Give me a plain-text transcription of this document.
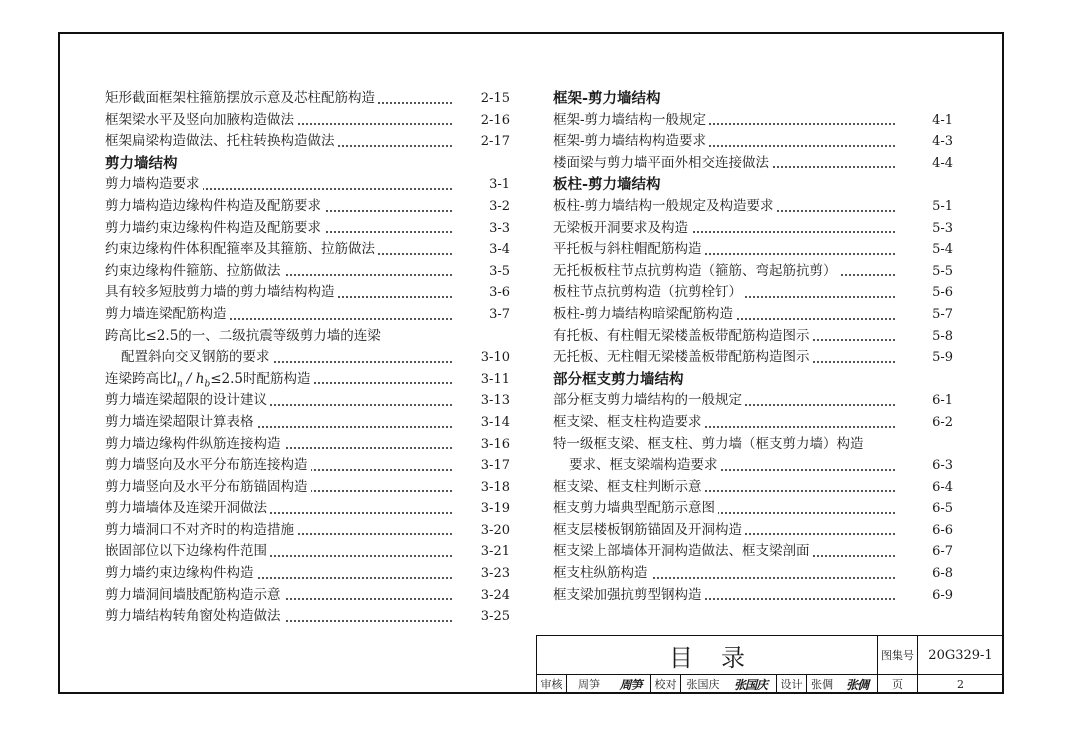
矩形截面框架柱箍筋摆放示意及芯柱配筋构造	2-15
框架梁水平及竖向加腋构造做法	2-16
框架扁梁构造做法、托柱转换构造做法	2-17
剪力墙结构
剪力墙构造要求	3-1
剪力墙构造边缘构件构造及配筋要求	3-2
剪力墙约束边缘构件构造及配筋要求	3-3
约束边缘构件体积配箍率及其箍筋、拉筋做法	3-4
约束边缘构件箍筋、拉筋做法	3-5
具有较多短肢剪力墙的剪力墙结构构造	3-6
剪力墙连梁配筋构造	3-7
跨高比≤2.5的一、二级抗震等级剪力墙的连梁
配置斜向交叉钢筋的要求	3-10
连梁跨高比$l_n / h_b\le 2.5$时配筋构造	3-11
剪力墙连梁超限的设计建议	3-13
剪力墙连梁超限计算表格	3-14
剪力墙边缘构件纵筋连接构造	3-16
剪力墙竖向及水平分布筋连接构造	3-17
剪力墙竖向及水平分布筋锚固构造	3-18
剪力墙墙体及连梁开洞做法	3-19
剪力墙洞口不对齐时的构造措施	3-20
嵌固部位以下边缘构件范围	3-21
剪力墙约束边缘构件构造	3-23
剪力墙洞间墙肢配筋构造示意	3-24
剪力墙结构转角窗处构造做法	3-25
框架-剪力墙结构
框架-剪力墙结构一般规定	4-1
框架-剪力墙结构构造要求	4-3
楼面梁与剪力墙平面外相交连接做法	4-4
板柱-剪力墙结构
板柱-剪力墙结构一般规定及构造要求	5-1
无梁板开洞要求及构造	5-3
平托板与斜柱帽配筋构造	5-4
无托板板柱节点抗剪构造（箍筋、弯起筋抗剪）	5-5
板柱节点抗剪构造（抗剪栓钉）	5-6
板柱-剪力墙结构暗梁配筋构造	5-7
有托板、有柱帽无梁楼盖板带配筋构造图示	5-8
无托板、无柱帽无梁楼盖板带配筋构造图示	5-9
部分框支剪力墙结构
部分框支剪力墙结构的一般规定	6-1
框支梁、框支柱构造要求	6-2
特一级框支梁、框支柱、剪力墙（框支剪力墙）构造
要求、框支梁端构造要求	6-3
框支梁、框支柱判断示意	6-4
框支剪力墙典型配筋示意图	6-5
框支层楼板钢筋锚固及开洞构造	6-6
框支梁上部墙体开洞构造做法、框支梁剖面	6-7
框支柱纵筋构造	6-8
框支梁加强抗剪型钢构造	6-9
目录	图集号	20G329-1
审核	周笋	周笋	校对 张国庆	张国庆	设计 张倜	张倜	页	2
